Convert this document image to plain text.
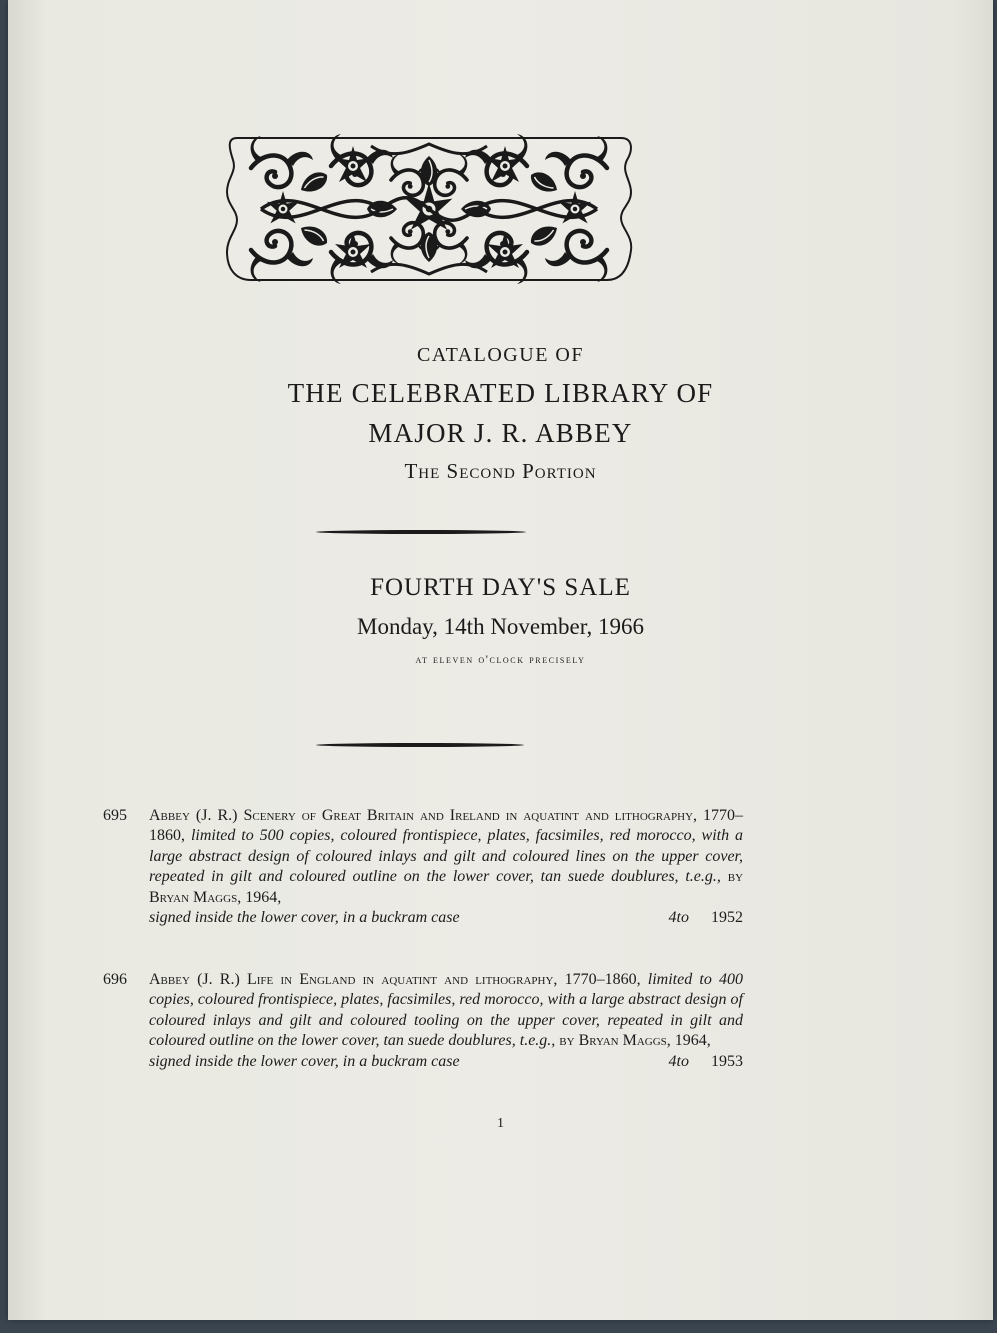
CATALOGUE OF
THE CELEBRATED LIBRARY OF
MAJOR J. R. ABBEY
The Second Portion
FOURTH DAY'S SALE
Monday, 14th November, 1966
at eleven o'clock precisely
695	Abbey (J. R.) Scenery of Great Britain and Ireland in aquatint and lithography, 1770–1860, limited to 500 copies, coloured frontispiece, plates, facsimiles, red morocco, with a large abstract design of coloured inlays and gilt and coloured lines on the upper cover, repeated in gilt and coloured outline on the lower cover, tan suede doublures, t.e.g., by Bryan Maggs, 1964,
signed inside the lower cover, in a buckram case	4to 1952
696	Abbey (J. R.) Life in England in aquatint and lithography, 1770–1860, limited to 400 copies, coloured frontispiece, plates, facsimiles, red morocco, with a large abstract design of coloured inlays and gilt and coloured tooling on the upper cover, repeated in gilt and coloured outline on the lower cover, tan suede doublures, t.e.g., by Bryan Maggs, 1964,
signed inside the lower cover, in a buckram case	4to 1953
1
